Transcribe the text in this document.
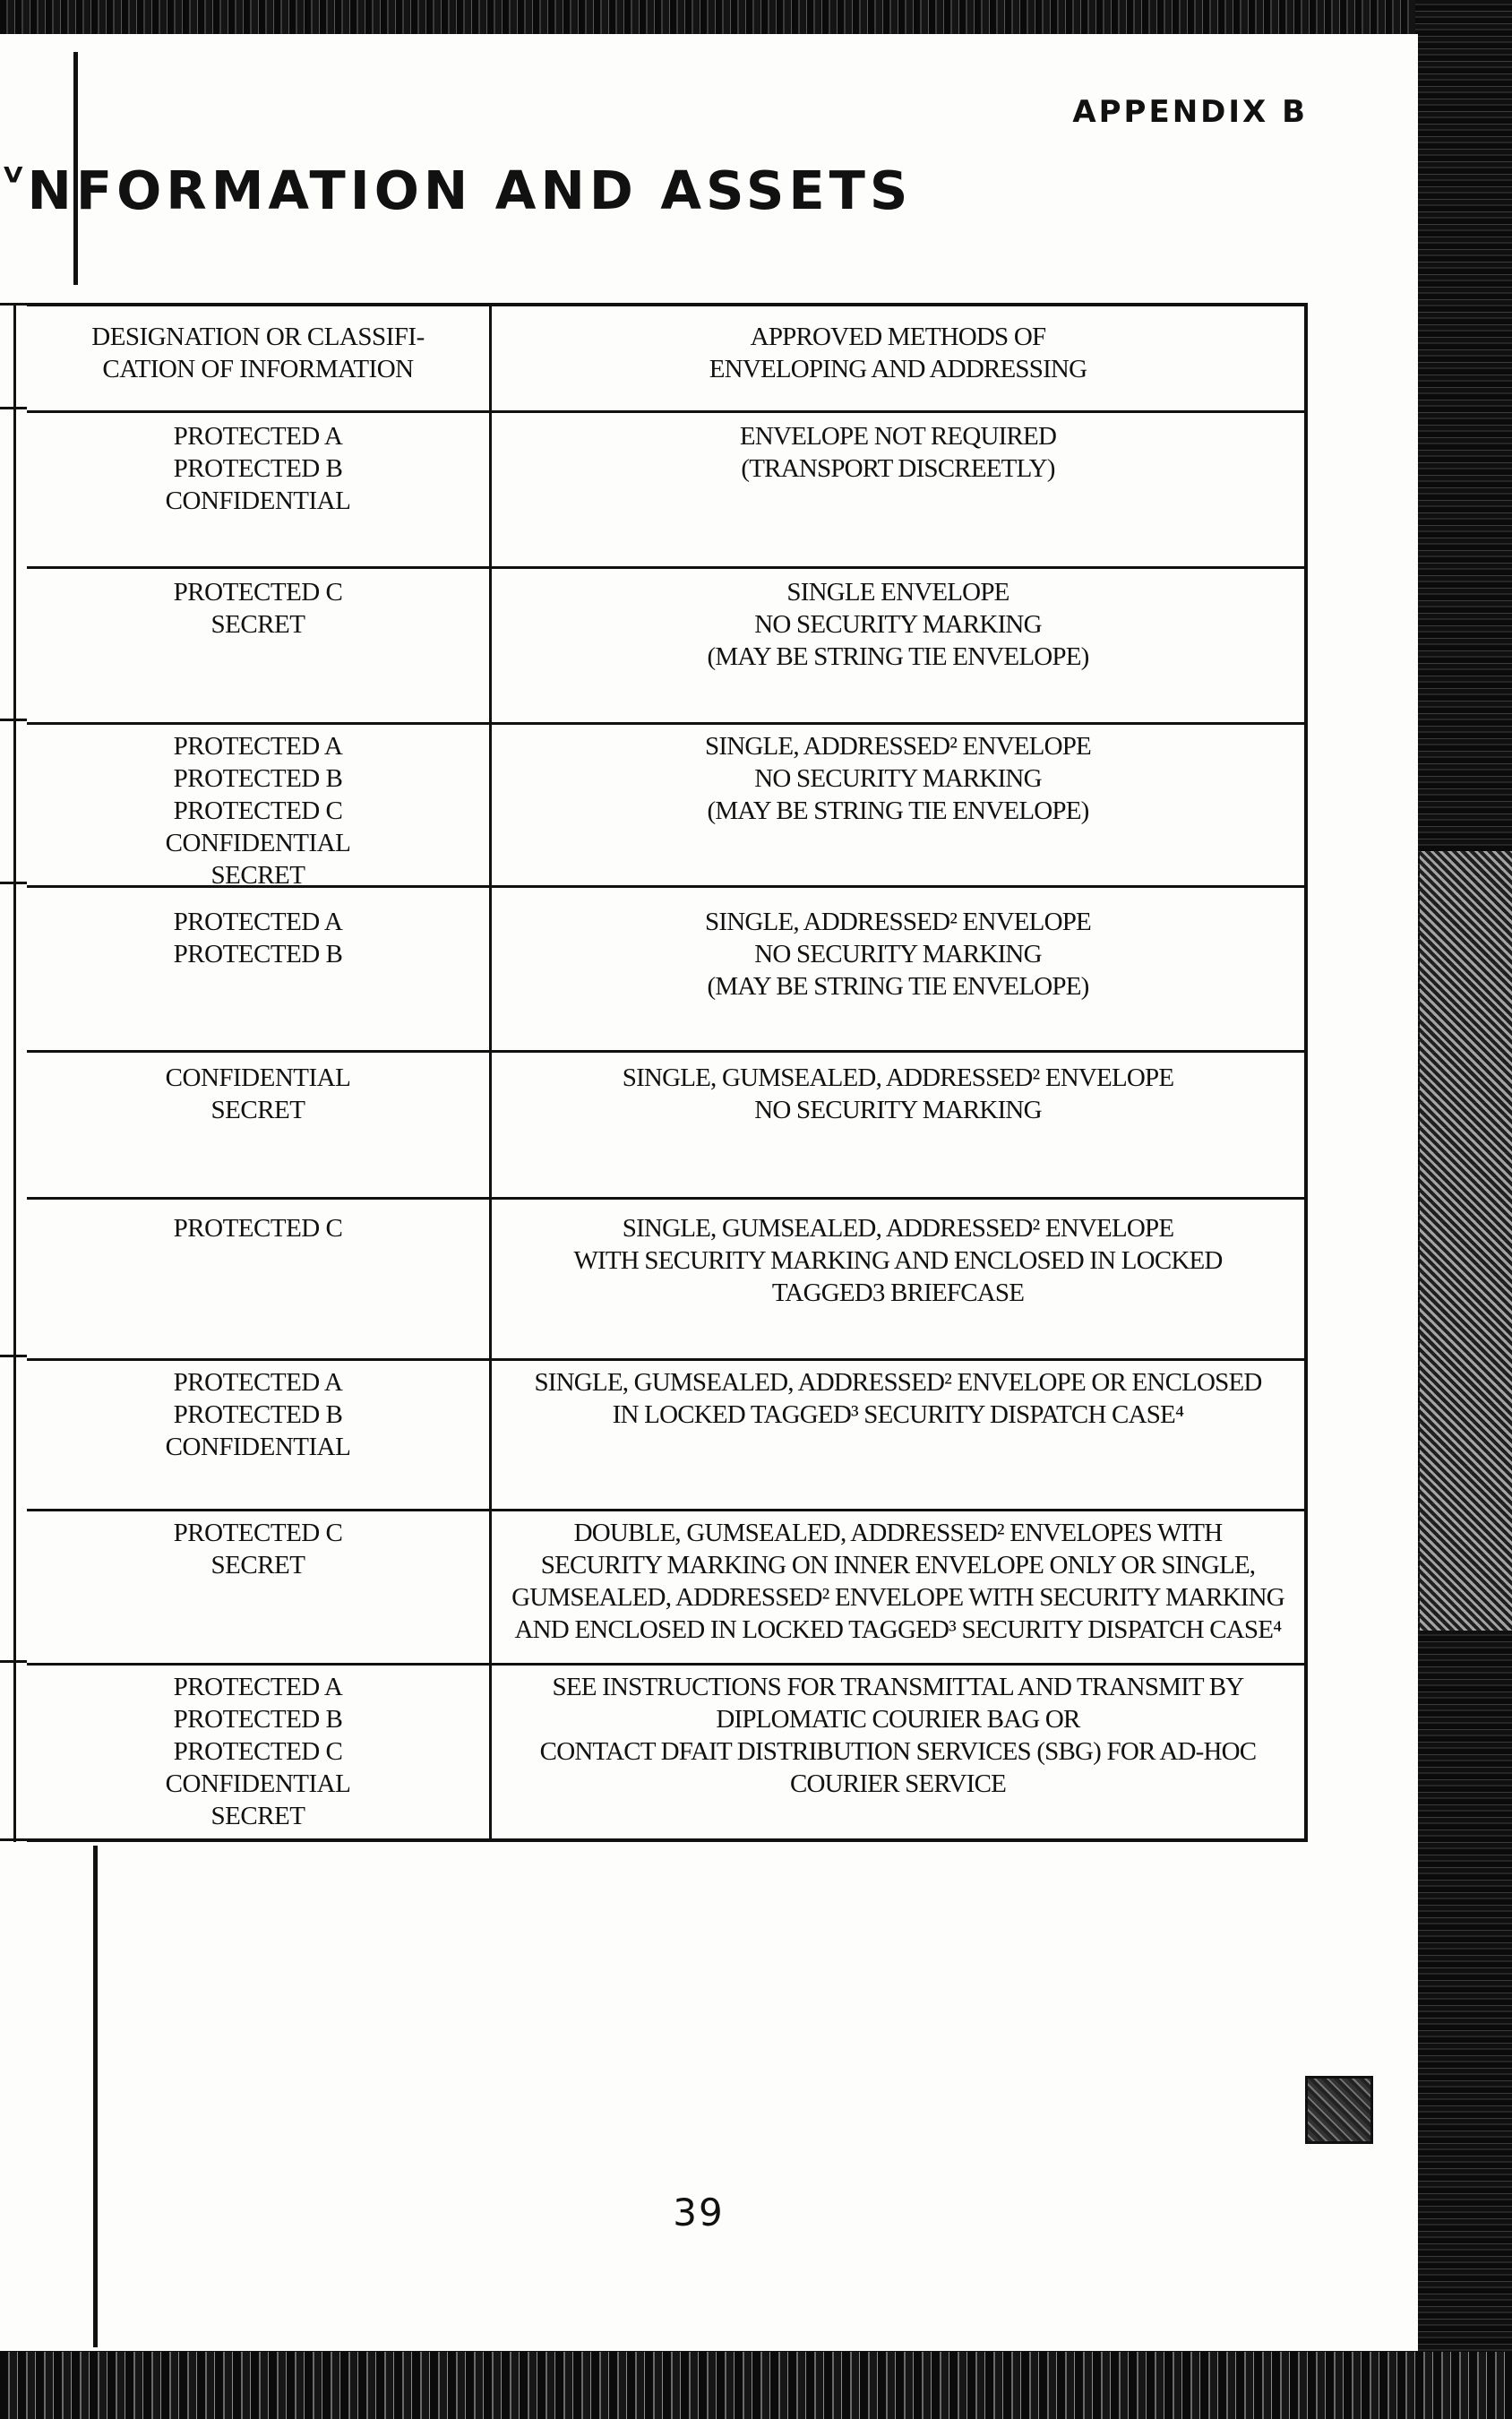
APPENDIX B
$^ⱽ$NFORMATION AND ASSETS
DESIGNATION OR CLASSIFI-
CATION OF INFORMATION
APPROVED METHODS OF
ENVELOPING AND ADDRESSING
PROTECTED A
PROTECTED B
CONFIDENTIAL
ENVELOPE NOT REQUIRED
(TRANSPORT DISCREETLY)
PROTECTED C
SECRET
SINGLE ENVELOPE
NO SECURITY MARKING
(MAY BE STRING TIE ENVELOPE)
PROTECTED A
PROTECTED B
PROTECTED C
CONFIDENTIAL
SECRET
SINGLE, ADDRESSED² ENVELOPE
NO SECURITY MARKING
(MAY BE STRING TIE ENVELOPE)
PROTECTED A
PROTECTED B
SINGLE, ADDRESSED² ENVELOPE
NO SECURITY MARKING
(MAY BE STRING TIE ENVELOPE)
CONFIDENTIAL
SECRET
SINGLE, GUMSEALED, ADDRESSED² ENVELOPE
NO SECURITY MARKING
PROTECTED C	SINGLE, GUMSEALED, ADDRESSED² ENVELOPE
WITH SECURITY MARKING AND ENCLOSED IN LOCKED
TAGGED3 BRIEFCASE
PROTECTED A
PROTECTED B
CONFIDENTIAL
SINGLE, GUMSEALED, ADDRESSED² ENVELOPE OR ENCLOSED
IN LOCKED TAGGED³ SECURITY DISPATCH CASE⁴
PROTECTED C
SECRET
DOUBLE, GUMSEALED, ADDRESSED² ENVELOPES WITH
SECURITY MARKING ON INNER ENVELOPE ONLY OR SINGLE,
GUMSEALED, ADDRESSED² ENVELOPE WITH SECURITY MARKING
AND ENCLOSED IN LOCKED TAGGED³ SECURITY DISPATCH CASE⁴
PROTECTED A
PROTECTED B
PROTECTED C
CONFIDENTIAL
SECRET
SEE INSTRUCTIONS FOR TRANSMITTAL AND TRANSMIT BY
DIPLOMATIC COURIER BAG OR
CONTACT DFAIT DISTRIBUTION SERVICES (SBG) FOR AD-HOC
COURIER SERVICE
39
